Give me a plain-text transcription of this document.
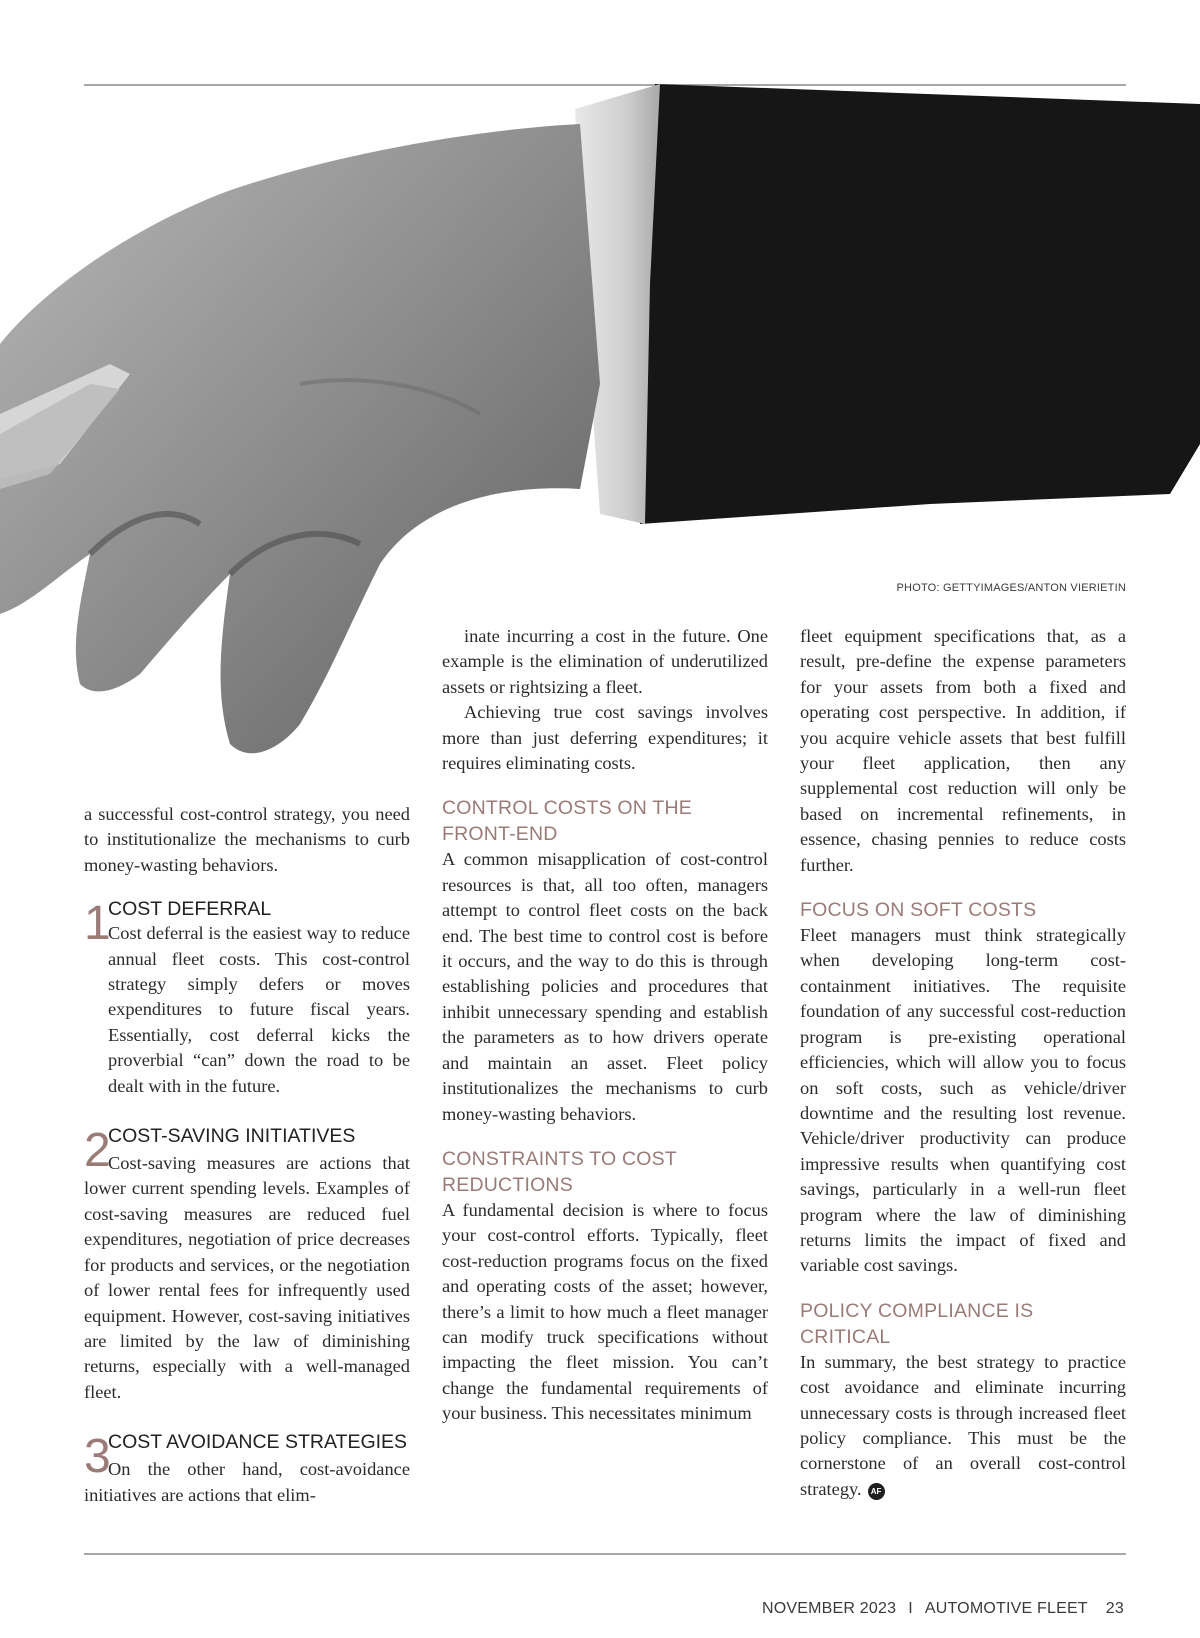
PHOTO: GETTYIMAGES/ANTON VIERIETIN

a successful cost-control strategy, you need to institutionalize the mechanisms to curb money-wasting behaviors.

1
COST DEFERRAL

Cost deferral is the easiest way to reduce annual fleet costs. This cost-control strategy simply defers or moves expenditures to future fiscal years. Essentially, cost deferral kicks the proverbial “can” down the road to be dealt with in the future.

2
COST-SAVING INITIATIVES

Cost-saving measures are actions that lower current spending levels. Examples of cost-saving measures are reduced fuel expenditures, negotiation of price decreases for products and services, or the negotiation of lower rental fees for infrequently used equipment. However, cost-saving initiatives are limited by the law of diminishing returns, especially with a well-managed fleet.

3
COST AVOIDANCE STRATEGIES

On the other hand, cost-avoidance initiatives are actions that elim-

inate incurring a cost in the future. One example is the elimination of underutilized assets or rightsizing a fleet.

Achieving true cost savings involves more than just deferring expenditures; it requires eliminating costs.

CONTROL COSTS ON THE FRONT-END

A common misapplication of cost-control resources is that, all too often, managers attempt to control fleet costs on the back end. The best time to control cost is before it occurs, and the way to do this is through establishing policies and procedures that inhibit unnecessary spending and establish the parameters as to how drivers operate and maintain an asset. Fleet policy institutionalizes the mechanisms to curb money-wasting behaviors.

CONSTRAINTS TO COST REDUCTIONS

A fundamental decision is where to focus your cost-control efforts. Typically, fleet cost-reduction programs focus on the fixed and operating costs of the asset; however, there’s a limit to how much a fleet manager can modify truck specifications without impacting the fleet mission. You can’t change the fundamental requirements of your business. This necessitates minimum

fleet equipment specifications that, as a result, pre-define the expense parameters for your assets from both a fixed and operating cost perspective. In addition, if you acquire vehicle assets that best fulfill your fleet application, then any supplemental cost reduction will only be based on incremental refinements, in essence, chasing pennies to reduce costs further.

FOCUS ON SOFT COSTS

Fleet managers must think strategically when developing long-term cost-containment initiatives. The requisite foundation of any successful cost-reduction program is pre-existing operational efficiencies, which will allow you to focus on soft costs, such as vehicle/driver downtime and the resulting lost revenue. Vehicle/driver productivity can produce impressive results when quantifying cost savings, particularly in a well-run fleet program where the law of diminishing returns limits the impact of fixed and variable cost savings.

POLICY COMPLIANCE IS CRITICAL

In summary, the best strategy to practice cost avoidance and eliminate incurring unnecessary costs is through increased fleet policy compliance. This must be the cornerstone of an overall cost-control strategy. AF

NOVEMBER 2023 I AUTOMOTIVE FLEET 23
